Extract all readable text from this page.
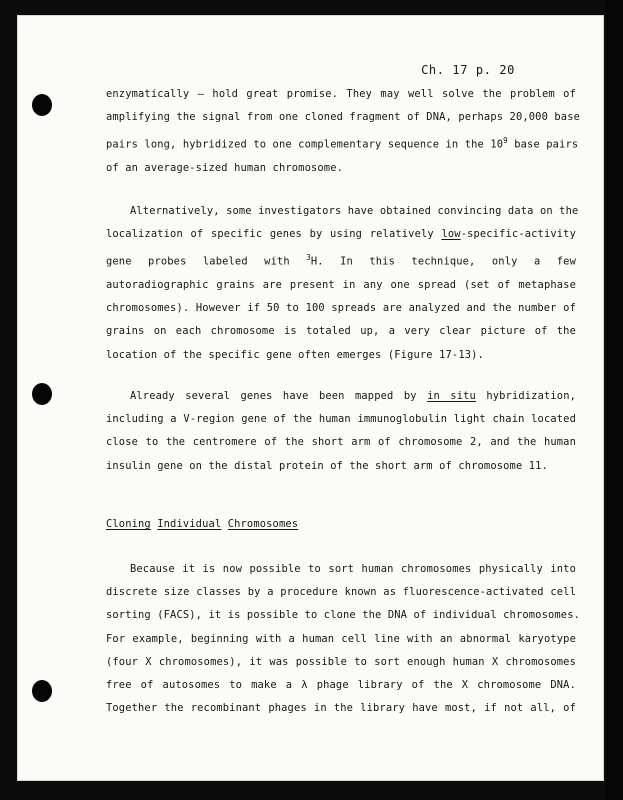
Ch. 17 p. 20
enzymatically – hold great promise. They may well solve the problem of
amplifying the signal from one cloned fragment of DNA, perhaps 20,000 base
pairs long, hybridized to one complementary sequence in the $10^9$ base pairs
of an average-sized human chromosome.
Alternatively, some investigators have obtained convincing data on the
localization of specific genes by using relatively low-specific-activity
gene probes labeled with $^3$H. In this technique, only a few
autoradiographic grains are present in any one spread (set of metaphase
chromosomes). However if 50 to 100 spreads are analyzed and the number of
grains on each chromosome is totaled up, a very clear picture of the
location of the specific gene often emerges (Figure 17-13).
Already several genes have been mapped by in situ hybridization,
including a V-region gene of the human immunoglobulin light chain located
close to the centromere of the short arm of chromosome 2, and the human
insulin gene on the distal protein of the short arm of chromosome 11.
Cloning Individual Chromosomes
Because it is now possible to sort human chromosomes physically into
discrete size classes by a procedure known as fluorescence-activated cell
sorting (FACS), it is possible to clone the DNA of individual chromosomes.
For example, beginning with a human cell line with an abnormal karyotype
(four X chromosomes), it was possible to sort enough human X chromosomes
free of autosomes to make a λ phage library of the X chromosome DNA.
Together the recombinant phages in the library have most, if not all, of
